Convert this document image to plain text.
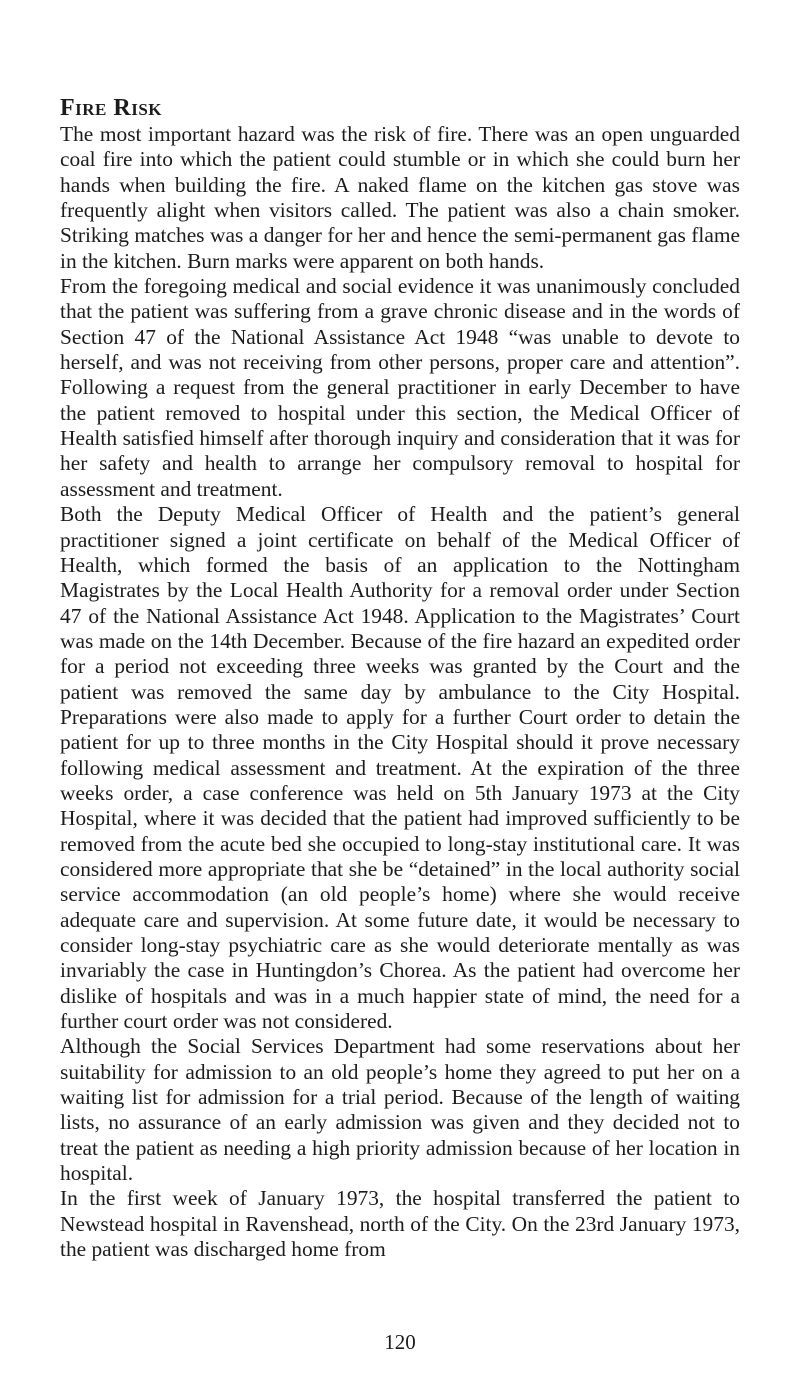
Fire Risk

The most important hazard was the risk of fire. There was an open unguarded coal fire into which the patient could stumble or in which she could burn her hands when building the fire. A naked flame on the kitchen gas stove was frequently alight when visitors called. The patient was also a chain smoker. Striking matches was a danger for her and hence the semi-permanent gas flame in the kitchen. Burn marks were apparent on both hands.

From the foregoing medical and social evidence it was unanimously concluded that the patient was suffering from a grave chronic disease and in the words of Section 47 of the National Assistance Act 1948 “was unable to devote to herself, and was not receiving from other persons, proper care and attention”. Following a request from the general practitioner in early December to have the patient removed to hospital under this section, the Medical Officer of Health satisfied himself after thorough inquiry and consideration that it was for her safety and health to arrange her compulsory removal to hospital for assessment and treatment.

Both the Deputy Medical Officer of Health and the patient’s general practitioner signed a joint certificate on behalf of the Medical Officer of Health, which formed the basis of an application to the Nottingham Magistrates by the Local Health Authority for a removal order under Section 47 of the National Assistance Act 1948. Application to the Magistrates’ Court was made on the 14th December. Because of the fire hazard an expedited order for a period not exceeding three weeks was granted by the Court and the patient was removed the same day by ambulance to the City Hospital. Preparations were also made to apply for a further Court order to detain the patient for up to three months in the City Hospital should it prove necessary following medical assessment and treatment. At the expiration of the three weeks order, a case conference was held on 5th January 1973 at the City Hospital, where it was decided that the patient had improved sufficiently to be removed from the acute bed she occupied to long-stay institutional care. It was considered more appropriate that she be “detained” in the local authority social service accommodation (an old people’s home) where she would receive adequate care and supervision. At some future date, it would be necessary to consider long-stay psychiatric care as she would deteriorate mentally as was invariably the case in Huntingdon’s Chorea. As the patient had overcome her dislike of hospitals and was in a much happier state of mind, the need for a further court order was not considered.

Although the Social Services Department had some reservations about her suitability for admission to an old people’s home they agreed to put her on a waiting list for admission for a trial period. Because of the length of waiting lists, no assurance of an early admission was given and they decided not to treat the patient as needing a high priority admission because of her location in hospital.

In the first week of January 1973, the hospital transferred the patient to Newstead hospital in Ravenshead, north of the City. On the 23rd January 1973, the patient was discharged home from

120
